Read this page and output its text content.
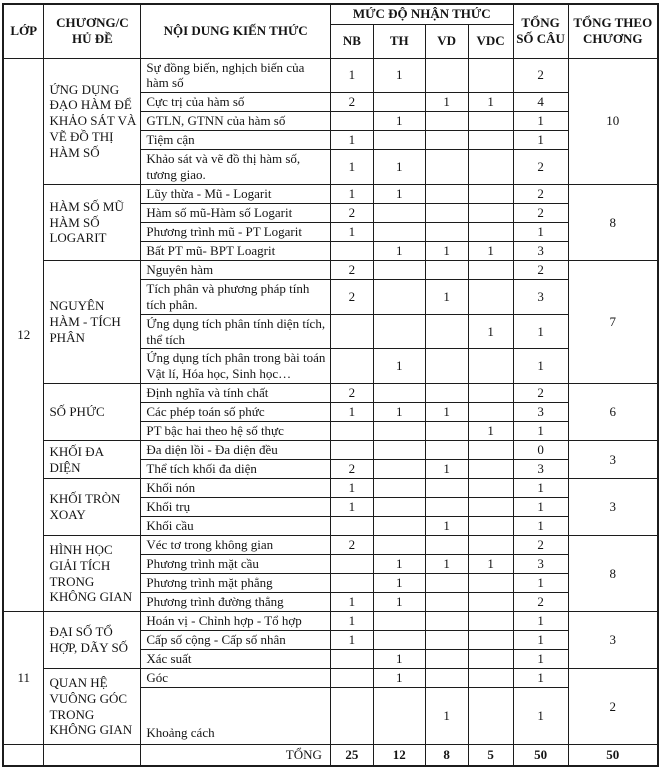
LỚP	CHƯƠNG/C HỦ ĐỀ	NỘI DUNG KIẾN THỨC	MỨC ĐỘ NHẬN THỨC				TỔNG SỐ CÂU	TỔNG THEO CHƯƠNG
			NB	TH	VD	VDC		
12	ỨNG DỤNG ĐẠO HÀM ĐỂ KHẢO SÁT VÀ VẼ ĐỒ THỊ HÀM SỐ	Sự đồng biến, nghịch biến của hàm số	1	1			2	10
		Cực trị của hàm số	2		1	1	4	
		GTLN, GTNN của hàm số		1			1	
		Tiệm cận	1				1	
		Khảo sát và vẽ đồ thị hàm số, tương giao.	1	1			2	
	HÀM SỐ MŨ HÀM SỐ LOGARIT	Lũy thừa - Mũ - Logarit	1	1			2	8
		Hàm số mũ-Hàm số Logarit	2				2	
		Phương trình mũ - PT Logarit	1				1	
		Bất PT mũ- BPT Loagrit		1	1	1	3	
	NGUYÊN HÀM - TÍCH PHÂN	Nguyên hàm	2				2	7
		Tích phân và phương pháp tính tích phân.	2		1		3	
		Ứng dụng tích phân tính diện tích, thể tích				1	1	
		Ứng dụng tích phân trong bài toán Vật lí, Hóa học, Sinh học…		1			1	
	SỐ PHỨC	Định nghĩa và tính chất	2				2	6
		Các phép toán số phức	1	1	1		3	
		PT bậc hai theo hệ số thực				1	1	
	KHỐI ĐA DIỆN	Đa diện lồi - Đa diện đều					0	3
		Thể tích khối đa diện	2		1		3	
	KHỐI TRÒN XOAY	Khối nón	1				1	3
		Khối trụ	1				1	
		Khối cầu			1		1	
	HÌNH HỌC GIẢI TÍCH TRONG KHÔNG GIAN	Véc tơ trong không gian	2				2	8
		Phương trình mặt cầu		1	1	1	3	
		Phương trình mặt phẳng		1			1	
		Phương trình đường thẳng	1	1			2	
11	ĐẠI SỐ TỔ HỢP, DÃY SỐ	Hoán vị - Chỉnh hợp - Tổ hợp	1				1	3
		Cấp số cộng - Cấp số nhân	1				1	
		Xác suất		1			1	
	QUAN HỆ VUÔNG GÓC TRONG KHÔNG GIAN	Góc		1			1	2
		Khoảng cách			1		1	
		TỔNG	25	12	8	5	50	50
